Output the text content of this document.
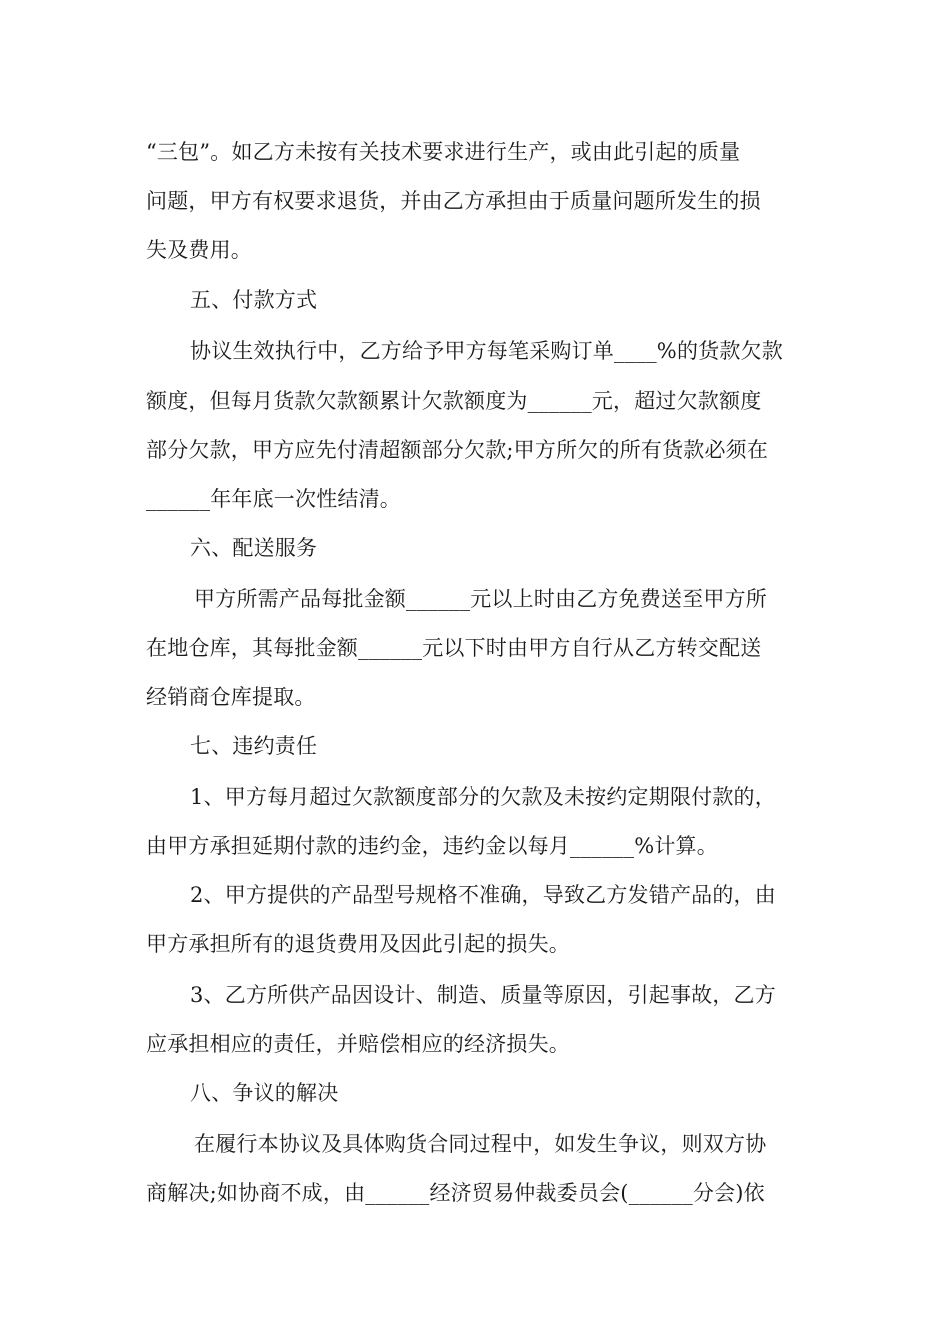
“三包”。如乙方未按有关技术要求进行生产，或由此引起的质量
问题，甲方有权要求退货，并由乙方承担由于质量问题所发生的损
失及费用。
五、付款方式
协议生效执行中，乙方给予甲方每笔采购订单____%的货款欠款
额度，但每月货款欠款额累计欠款额度为______元，超过欠款额度
部分欠款，甲方应先付清超额部分欠款;甲方所欠的所有货款必须在
______年年底一次性结清。
六、配送服务
甲方所需产品每批金额______元以上时由乙方免费送至甲方所
在地仓库，其每批金额______元以下时由甲方自行从乙方转交配送
经销商仓库提取。
七、违约责任
1、甲方每月超过欠款额度部分的欠款及未按约定期限付款的，
由甲方承担延期付款的违约金，违约金以每月______%计算。
2、甲方提供的产品型号规格不准确，导致乙方发错产品的，由
甲方承担所有的退货费用及因此引起的损失。
3、乙方所供产品因设计、制造、质量等原因，引起事故，乙方
应承担相应的责任，并赔偿相应的经济损失。
八、争议的解决
在履行本协议及具体购货合同过程中，如发生争议，则双方协
商解决;如协商不成，由______经济贸易仲裁委员会(______分会)依
